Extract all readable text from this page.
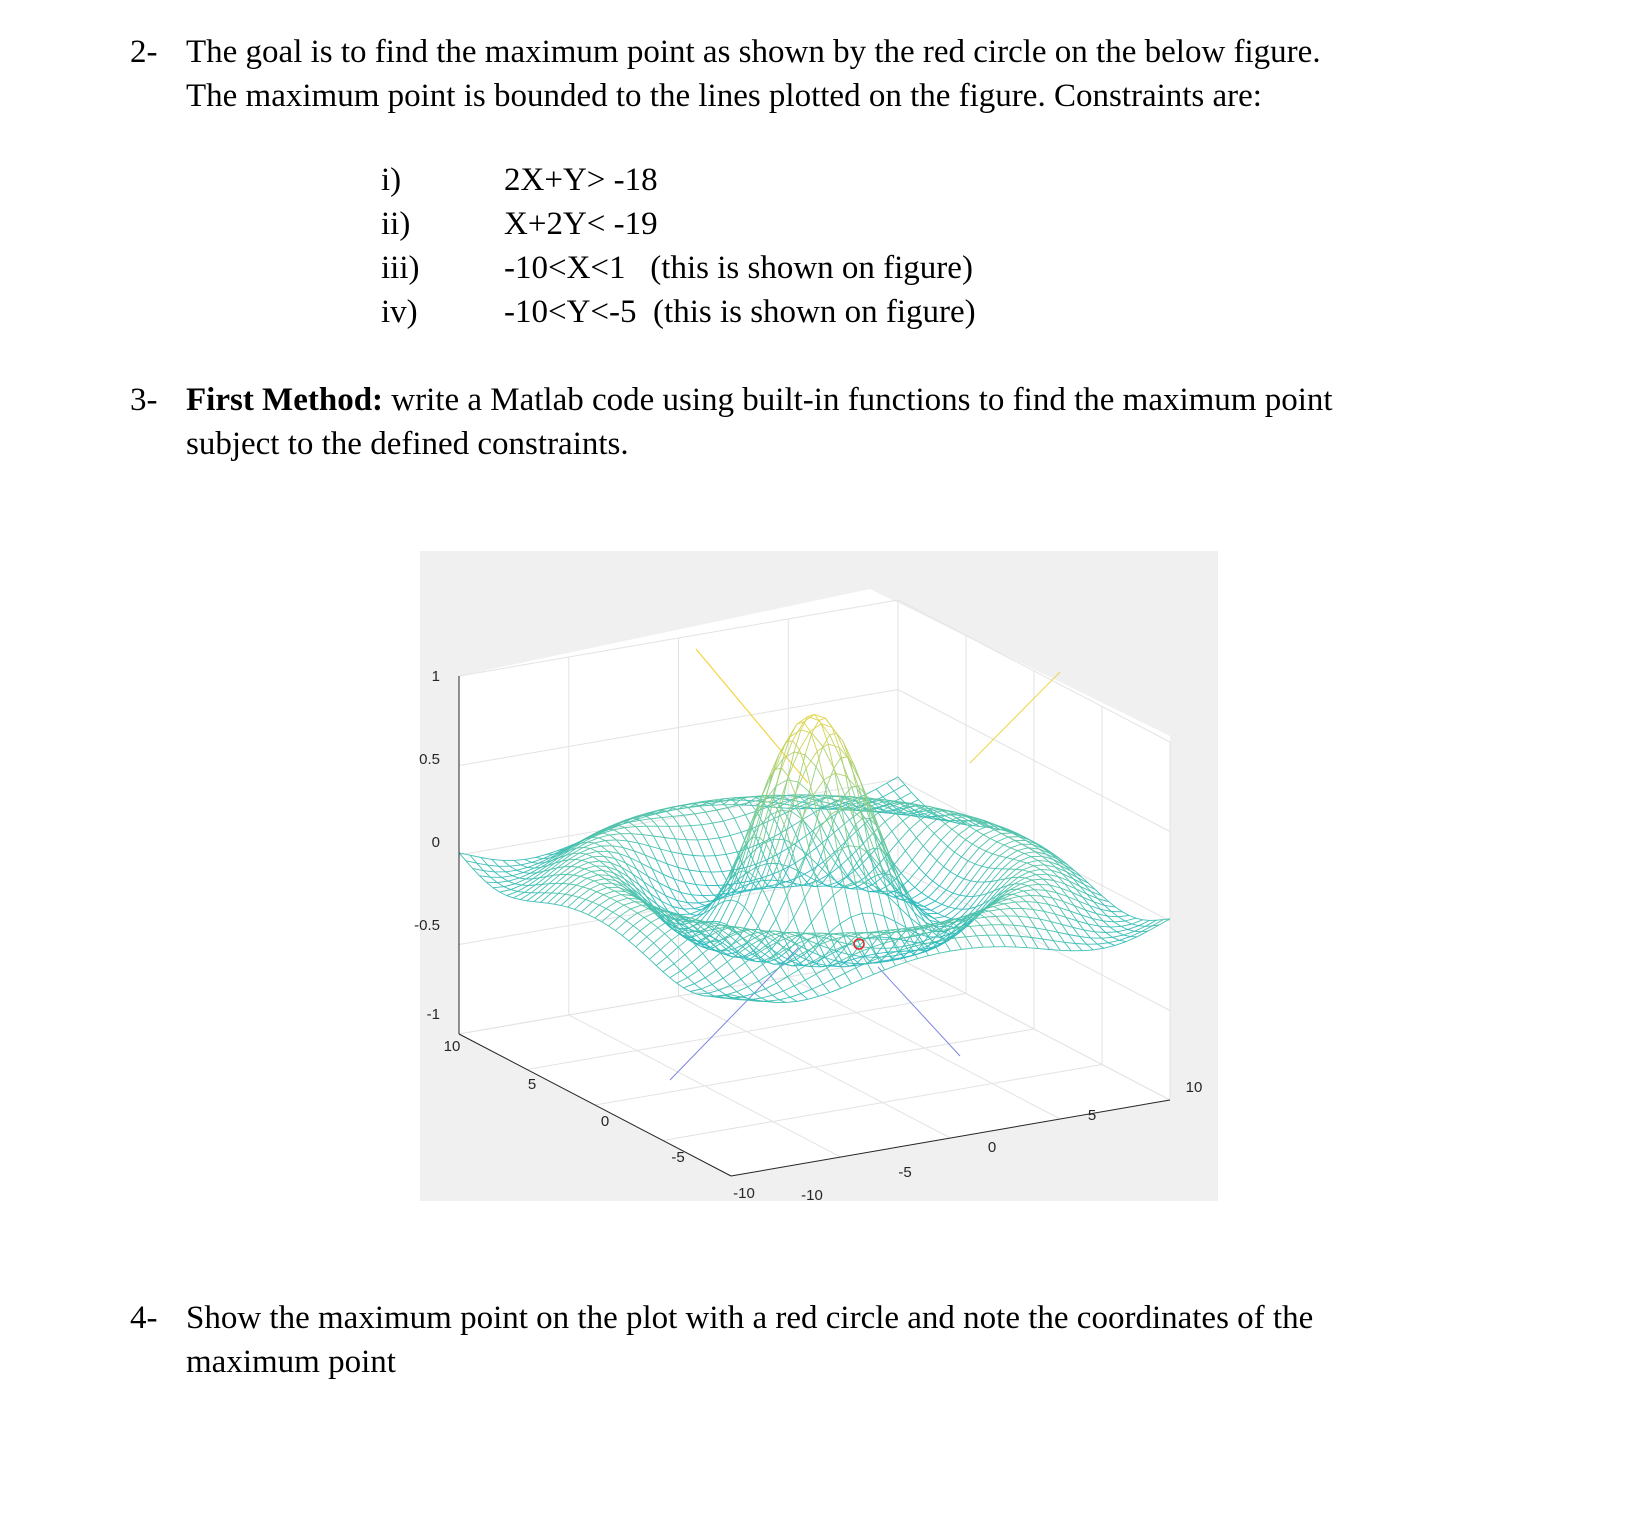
2- The goal is to find the maximum point as shown by the red circle on the below figure.
The maximum point is bounded to the lines plotted on the figure. Constraints are:
i)	2X+Y> -18
ii)	X+2Y< -19
iii)	-10<X<1   (this is shown on figure)
iv)	-10<Y<-5  (this is shown on figure)
3- First Method: write a Matlab code using built-in functions to find the maximum point
subject to the defined constraints.
1
0.5
0
-0.5
-1
10
5
0
-5
-10	-10
-5
0
5
10
4- Show the maximum point on the plot with a red circle and note the coordinates of the
maximum point
